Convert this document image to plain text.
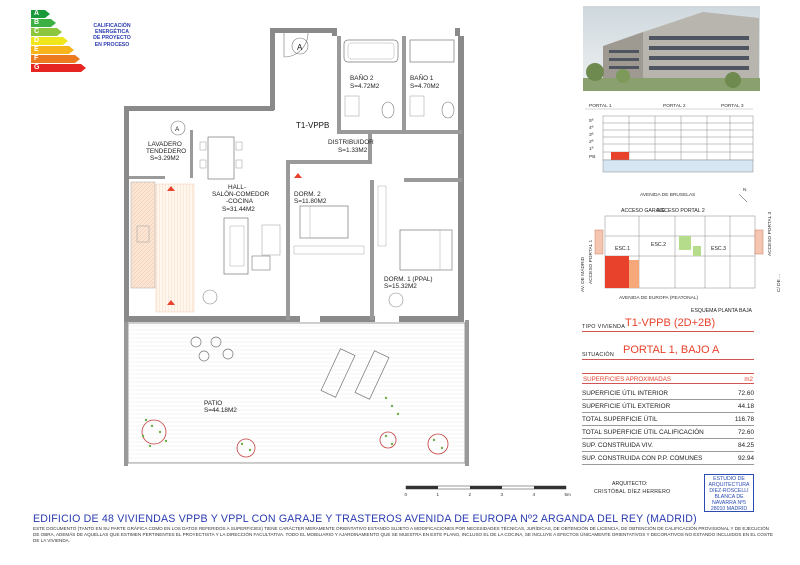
A
B
C
D
E
F
G
CALIFICACIÓN
ENERGÉTICA
DE PROYECTO
EN PROCESO
A
A
T1-VPPB
BAÑO 2
S=4.72M2
BAÑO 1
S=4.70M2
DISTRIBUIDOR
S=1.33M2
LAVADERO
TENDEDERO
S=3.29M2
HALL-
SALÓN-COMEDOR
-COCINA
S=31.44M2
DORM. 2
S=11.80M2
DORM. 1 (PPAL)
S=15.32M2
PATIO
S=44.18M2
PORTAL 1	PORTAL 2	PORTAL 3
5ª
4ª
3ª
2ª
1ª
PB
AVENIDA DE BRUSELAS
N
ACCESO GARAJE
ACCESO PORTAL 2
ESC.1
ESC.2
ESC.3
ACCESO PORTAL 1
ACCESO PORTAL 3
AV. DE MADRID	C/ DE ...
AVENIDA DE EUROPA (PEATONAL)
ESQUEMA PLANTA BAJA
TIPO VIVIENDA T1-VPPB (2D+2B)
SITUACIÓN PORTAL 1, BAJO A
SUPERFICIES APROXIMADAS	m2
SUPERFICIE ÚTIL INTERIOR	72.60
SUPERFICIE ÚTIL EXTERIOR	44.18
TOTAL SUPERFICIE ÚTIL	116.78
TOTAL SUPERFICIE ÚTIL CALIFICACIÓN	72.60
SUP. CONSTRUIDA VIV.	84.25
SUP. CONSTRUIDA CON P.P. COMUNES	92.94
ARQUITECTO:
CRISTÓBAL DÍEZ HERRERO
ESTUDIO DE
ARQUITECTURA
DIEZ-ROSCELLI
BLANCA DE
NAVARRA Nº5
28010 MADRID
0	1	2	3	4	5m
EDIFICIO DE 48 VIVIENDAS VPPB Y VPPL CON GARAJE Y TRASTEROS AVENIDA DE EUROPA Nº2 ARGANDA DEL REY (MADRID)
ESTE DOCUMENTO (TANTO EN SU PARTE GRÁFICA COMO EN LOS DATOS REFERIDOS A SUPERFICIES) TIENE CARÁCTER MERAMENTE ORIENTATIVO ESTANDO SUJETO A MODIFICACIONES POR NECESIDADES TÉCNICAS, JURÍDICAS, DE OBTENCIÓN DE LICENCIA, DE OBTENCIÓN DE CALIFICACIÓN PROVISIONAL Y DE EJECUCIÓN DE OBRA, ADEMÁS DE AQUELLAS QUE ESTIMEN PERTINENTES EL PROYECTISTA Y LA DIRECCIÓN FACULTATIVA. TODO EL MOBILIARIO Y AJARDINAMIENTO QUE SE MUESTRA EN ESTE PLANO, INCLUSO EL DE LA COCINA, SE INCLUYE A EFECTOS ÚNICAMENTE ORIENTATIVOS Y DECORATIVOS NO ESTANDO INCLUIDOS EN EL COSTE DE LA VIVIENDA.
